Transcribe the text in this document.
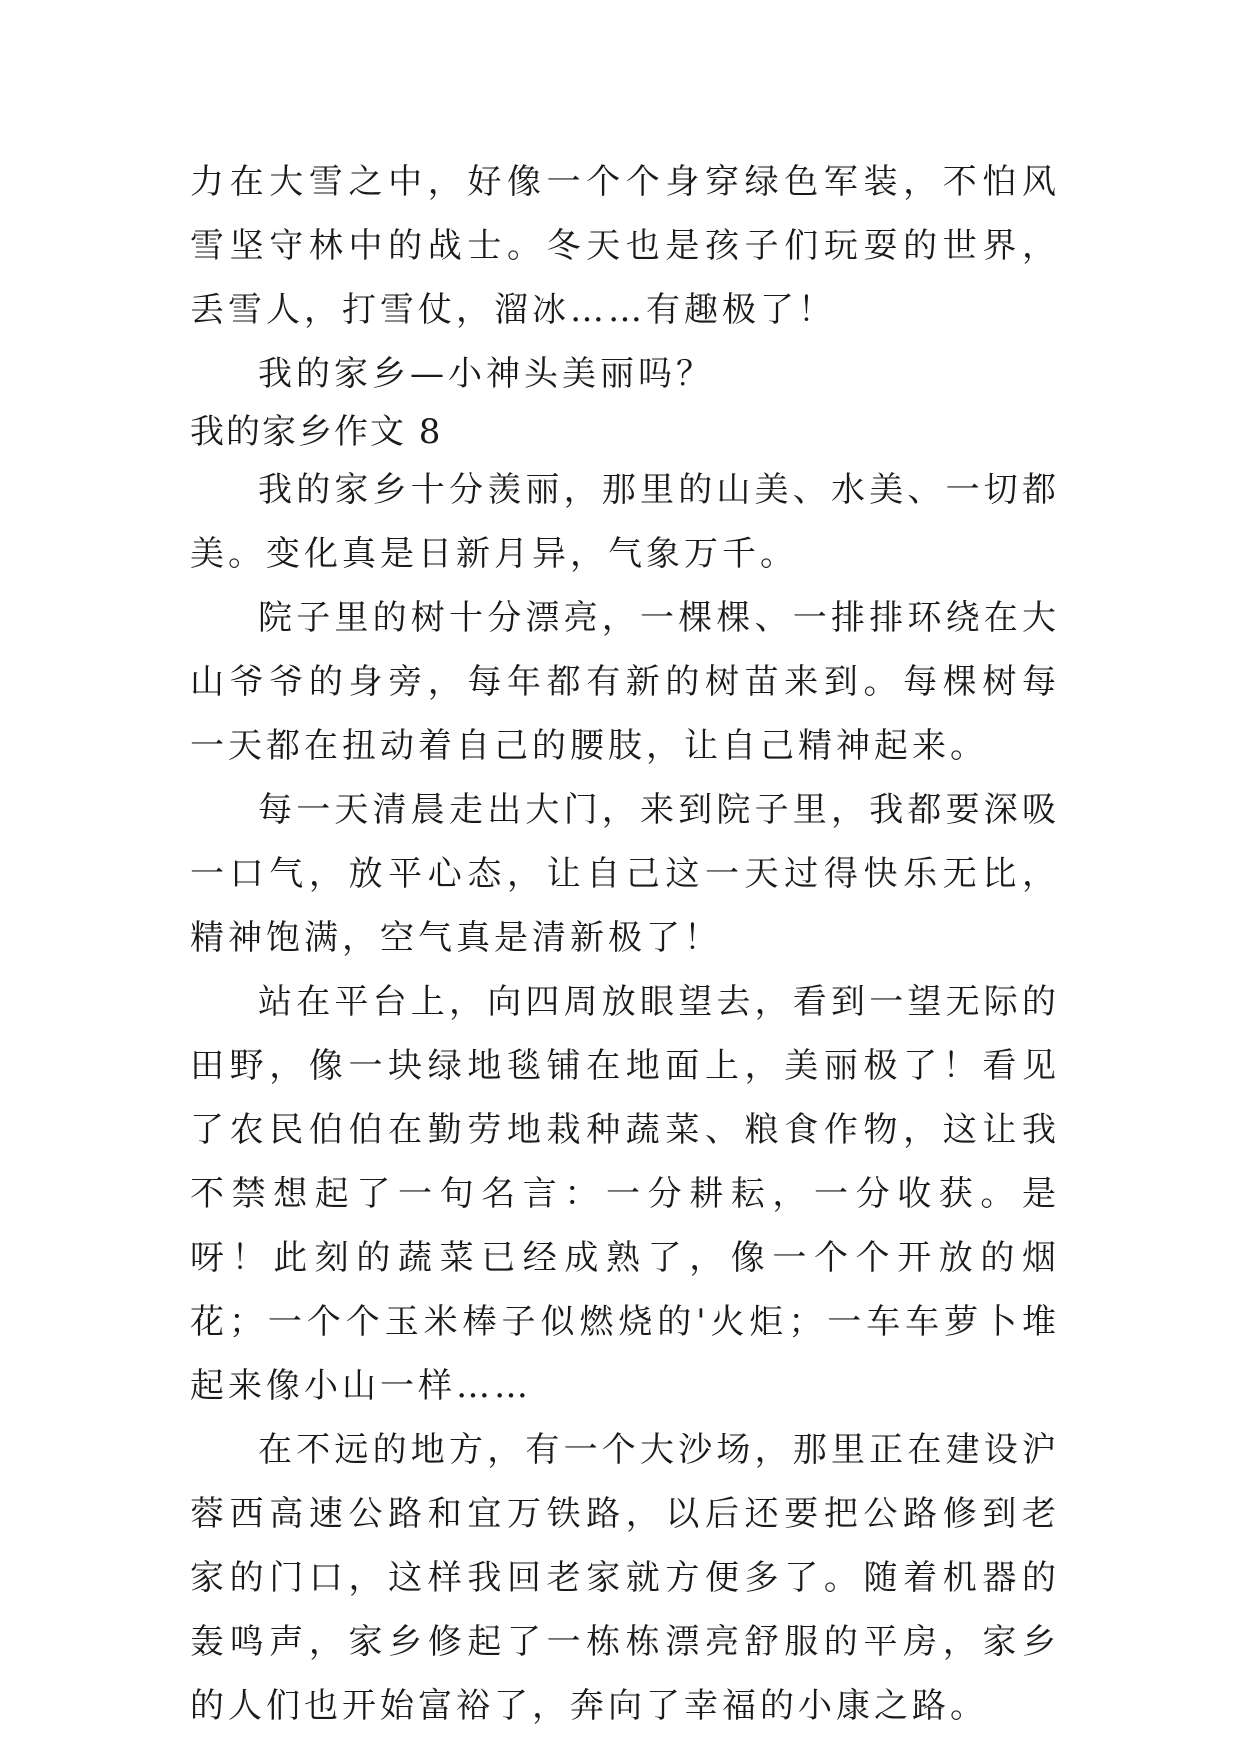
力在大雪之中，好像一个个身穿绿色军装，不怕风雪坚守林中的战士。冬天也是孩子们玩耍的世界，丢雪人，打雪仗，溜冰……有趣极了！

我的家乡—小神头美丽吗？

我的家乡作文 8

我的家乡十分羡丽，那里的山美、水美、一切都美。变化真是日新月异，气象万千。

院子里的树十分漂亮，一棵棵、一排排环绕在大山爷爷的身旁，每年都有新的树苗来到。每棵树每一天都在扭动着自己的腰肢，让自己精神起来。

每一天清晨走出大门，来到院子里，我都要深吸一口气，放平心态，让自己这一天过得快乐无比，精神饱满，空气真是清新极了！

站在平台上，向四周放眼望去，看到一望无际的田野，像一块绿地毯铺在地面上，美丽极了！看见了农民伯伯在勤劳地栽种蔬菜、粮食作物，这让我不禁想起了一句名言：一分耕耘，一分收获。是呀！此刻的蔬菜已经成熟了，像一个个开放的烟花；一个个玉米棒子似燃烧的'火炬；一车车萝卜堆起来像小山一样……

在不远的地方，有一个大沙场，那里正在建设沪蓉西高速公路和宜万铁路，以后还要把公路修到老家的门口，这样我回老家就方便多了。随着机器的轰鸣声，家乡修起了一栋栋漂亮舒服的平房，家乡的人们也开始富裕了，奔向了幸福的小康之路。
